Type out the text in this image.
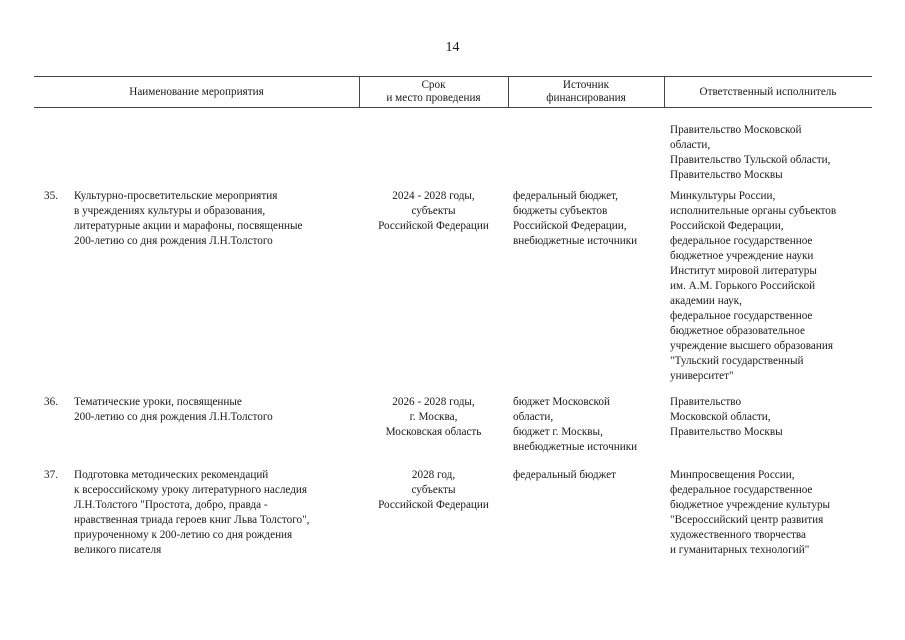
14
Наименование мероприятия
Срок
и место проведения
Источник
финансирования	Ответственный исполнитель
Правительство Московской
области,
Правительство Тульской области,
Правительство Москвы
35. Культурно-просветительские мероприятия
в учреждениях культуры и образования,
литературные акции и марафоны, посвященные
200-летию со дня рождения Л.Н.Толстого
2024 - 2028 годы,
субъекты
Российской Федерации
федеральный бюджет,
бюджеты субъектов
Российской Федерации,
внебюджетные источники
Минкультуры России,
исполнительные органы субъектов
Российской Федерации,
федеральное государственное
бюджетное учреждение науки
Институт мировой литературы
им. А.М. Горького Российской
академии наук,
федеральное государственное
бюджетное образовательное
учреждение высшего образования
"Тульский государственный
университет"
36. Тематические уроки, посвященные
200-летию со дня рождения Л.Н.Толстого
2026 - 2028 годы,
г. Москва,
Московская область
бюджет Московской
области,
бюджет г. Москвы,
внебюджетные источники
Правительство
Московской области,
Правительство Москвы
37. Подготовка методических рекомендаций
к всероссийскому уроку литературного наследия
Л.Н.Толстого "Простота, добро, правда -
нравственная триада героев книг Льва Толстого",
приуроченному к 200-летию со дня рождения
великого писателя
2028 год,
субъекты
Российской Федерации
федеральный бюджет	Минпросвещения России,
федеральное государственное
бюджетное учреждение культуры
"Всероссийский центр развития
художественного творчества
и гуманитарных технологий"
